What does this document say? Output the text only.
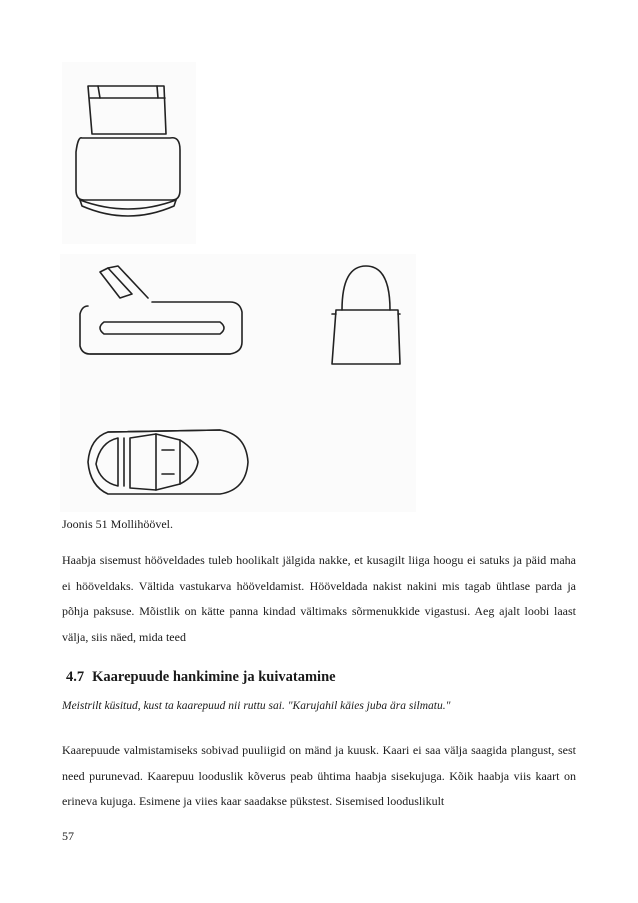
Joonis 51 Mollihöövel.

Haabja sisemust hööveldades tuleb hoolikalt jälgida nakke, et kusagilt liiga hoogu ei satuks ja päid maha ei hööveldaks. Vältida vastukarva hööveldamist. Hööveldada nakist nakini mis tagab ühtlase parda ja põhja paksuse. Mõistlik on kätte panna kindad vältimaks sõrmenukkide vigastusi. Aeg ajalt loobi laast välja, siis näed, mida teed

4.7 Kaarepuude hankimine ja kuivatamine
Meistrilt küsitud, kust ta kaarepuud nii ruttu sai. "Karujahil käies juba ära silmatu."

Kaarepuude valmistamiseks sobivad puuliigid on mänd ja kuusk. Kaari ei saa välja saagida plangust, sest need purunevad. Kaarepuu looduslik kõverus peab ühtima haabja sisekujuga. Kõik haabja viis kaart on erineva kujuga. Esimene ja viies kaar saadakse pükstest. Sisemised looduslikult

57
